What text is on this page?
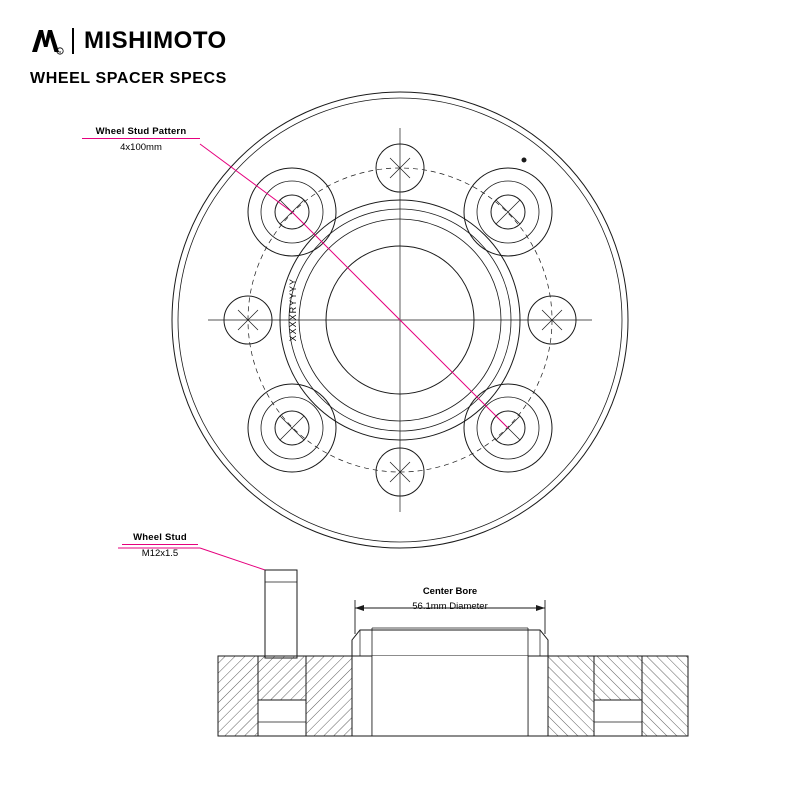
R MISHIMOTO
WHEEL SPACER SPECS
Wheel Stud Pattern
4x100mm
Wheel Stud
M12x1.5
Center Bore
56.1mm Diameter
XXXXRYYYY
